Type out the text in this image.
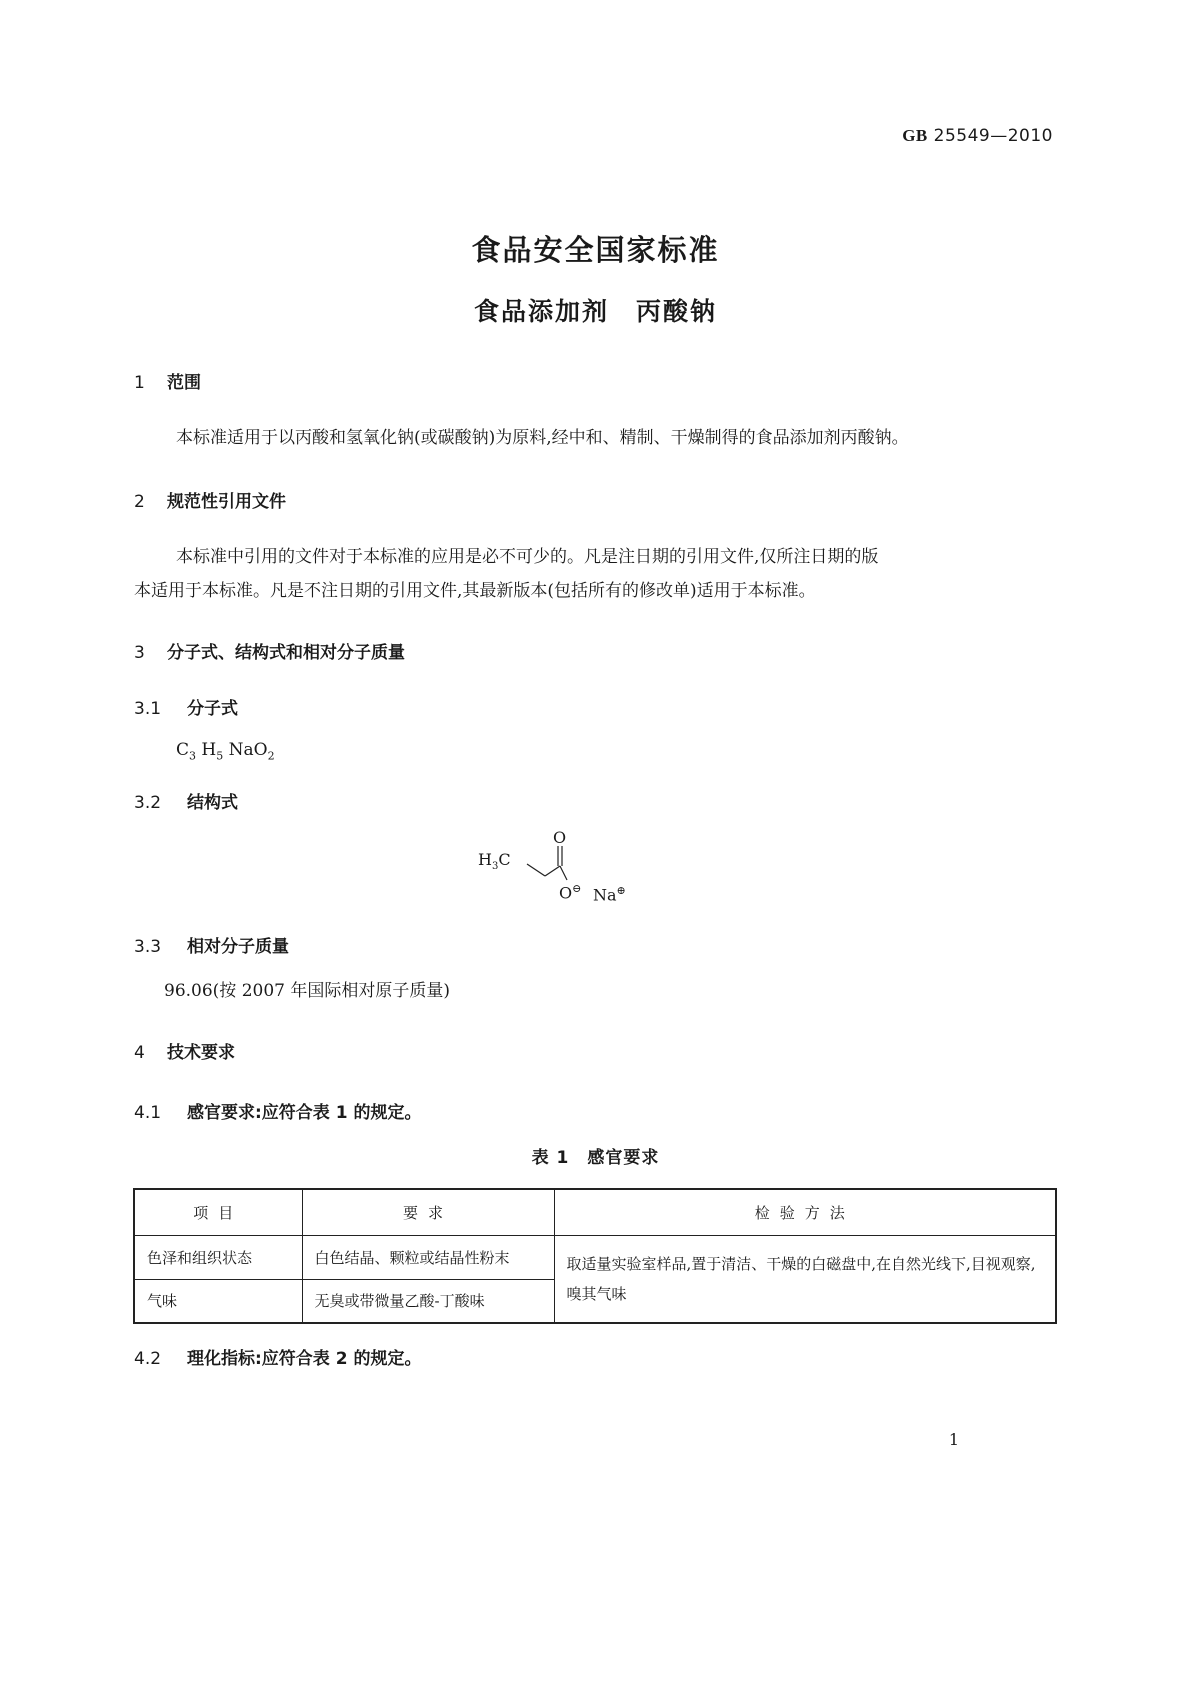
GB 25549—2010
食品安全国家标准
食品添加剂　丙酸钠
1 范围
本标准适用于以丙酸和氢氧化钠(或碳酸钠)为原料,经中和、精制、干燥制得的食品添加剂丙酸钠。
2 规范性引用文件
本标准中引用的文件对于本标准的应用是必不可少的。凡是注日期的引用文件,仅所注日期的版
本适用于本标准。凡是不注日期的引用文件,其最新版本(包括所有的修改单)适用于本标准。
3 分子式、结构式和相对分子质量
3.1 分子式
$C_3$ $H_5$ NaO$_2$
3.2 结构式
O
$H_3C$
O⊖ Na⊕
3.3 相对分子质量
96.06(按 2007 年国际相对原子质量)
4 技术要求
4.1 感官要求:应符合表 1 的规定。
表 1　感官要求
项目	要求	检验方法
色泽和组织状态	白色结晶、颗粒或结晶性粉末	取适量实验室样品,置于清洁、干燥的白磁盘中,在自然光线下,目视观察,嗅其气味
气味	无臭或带微量乙酸-丁酸味	
4.2 理化指标:应符合表 2 的规定。
1
